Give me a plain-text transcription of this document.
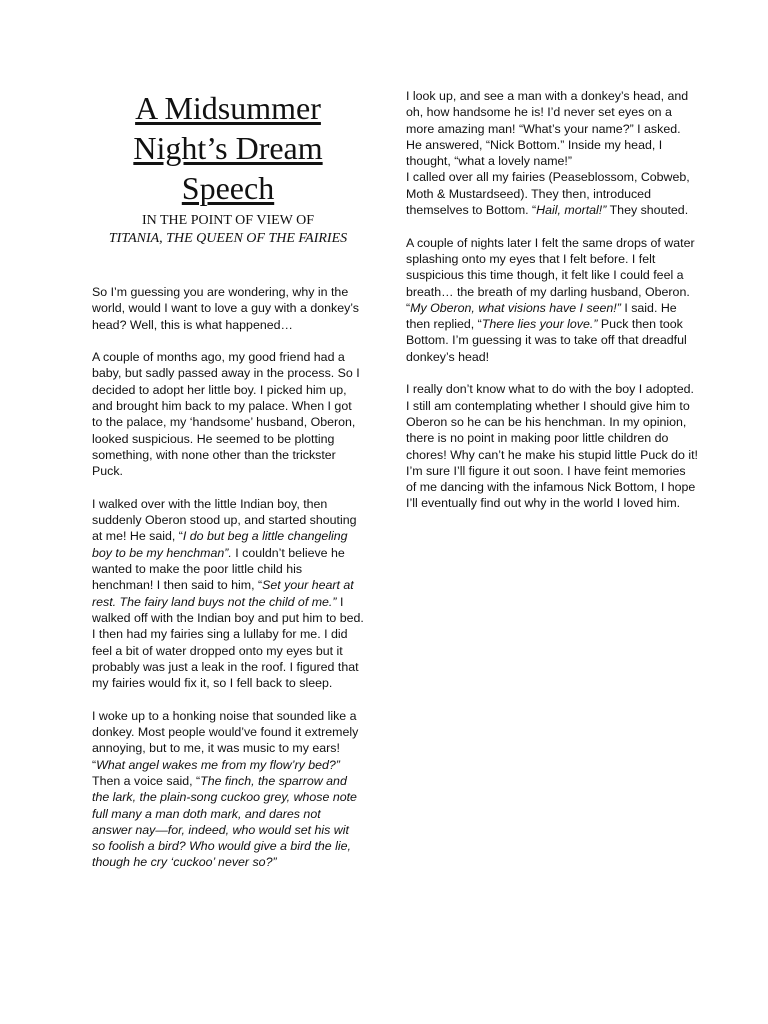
A Midsummer Night’s Dream Speech
IN THE POINT OF VIEW OF
TITANIA, THE QUEEN OF THE FAIRIES

So I’m guessing you are wondering, why in the world, would I want to love a guy with a donkey’s head? Well, this is what happened…

A couple of months ago, my good friend had a baby, but sadly passed away in the process. So I decided to adopt her little boy. I picked him up, and brought him back to my palace. When I got to the palace, my ‘handsome’ husband, Oberon, looked suspicious. He seemed to be plotting something, with none other than the trickster Puck.

I walked over with the little Indian boy, then suddenly Oberon stood up, and started shouting at me! He said, “I do but beg a little changeling boy to be my henchman”. I couldn’t believe he wanted to make the poor little child his henchman! I then said to him, “Set your heart at rest. The fairy land buys not the child of me.” I walked off with the Indian boy and put him to bed. I then had my fairies sing a lullaby for me. I did feel a bit of water dropped onto my eyes but it probably was just a leak in the roof. I figured that my fairies would fix it, so I fell back to sleep.

I woke up to a honking noise that sounded like a donkey. Most people would’ve found it extremely annoying, but to me, it was music to my ears! “What angel wakes me from my flow’ry bed?” Then a voice said, “The finch, the sparrow and the lark, the plain-song cuckoo grey, whose note full many a man doth mark, and dares not answer nay—for, indeed, who would set his wit so foolish a bird? Who would give a bird the lie, though he cry ‘cuckoo’ never so?”

I look up, and see a man with a donkey’s head, and oh, how handsome he is! I’d never set eyes on a more amazing man! “What’s your name?” I asked. He answered, “Nick Bottom.” Inside my head, I thought, “what a lovely name!”
I called over all my fairies (Peaseblossom, Cobweb, Moth & Mustardseed). They then, introduced themselves to Bottom. “Hail, mortal!” They shouted.

A couple of nights later I felt the same drops of water splashing onto my eyes that I felt before. I felt suspicious this time though, it felt like I could feel a breath… the breath of my darling husband, Oberon. “My Oberon, what visions have I seen!” I said. He then replied, “There lies your love.” Puck then took Bottom. I’m guessing it was to take off that dreadful donkey’s head!

I really don’t know what to do with the boy I adopted. I still am contemplating whether I should give him to Oberon so he can be his henchman. In my opinion, there is no point in making poor little children do chores! Why can’t he make his stupid little Puck do it! I’m sure I’ll figure it out soon. I have feint memories of me dancing with the infamous Nick Bottom, I hope I’ll eventually find out why in the world I loved him.
